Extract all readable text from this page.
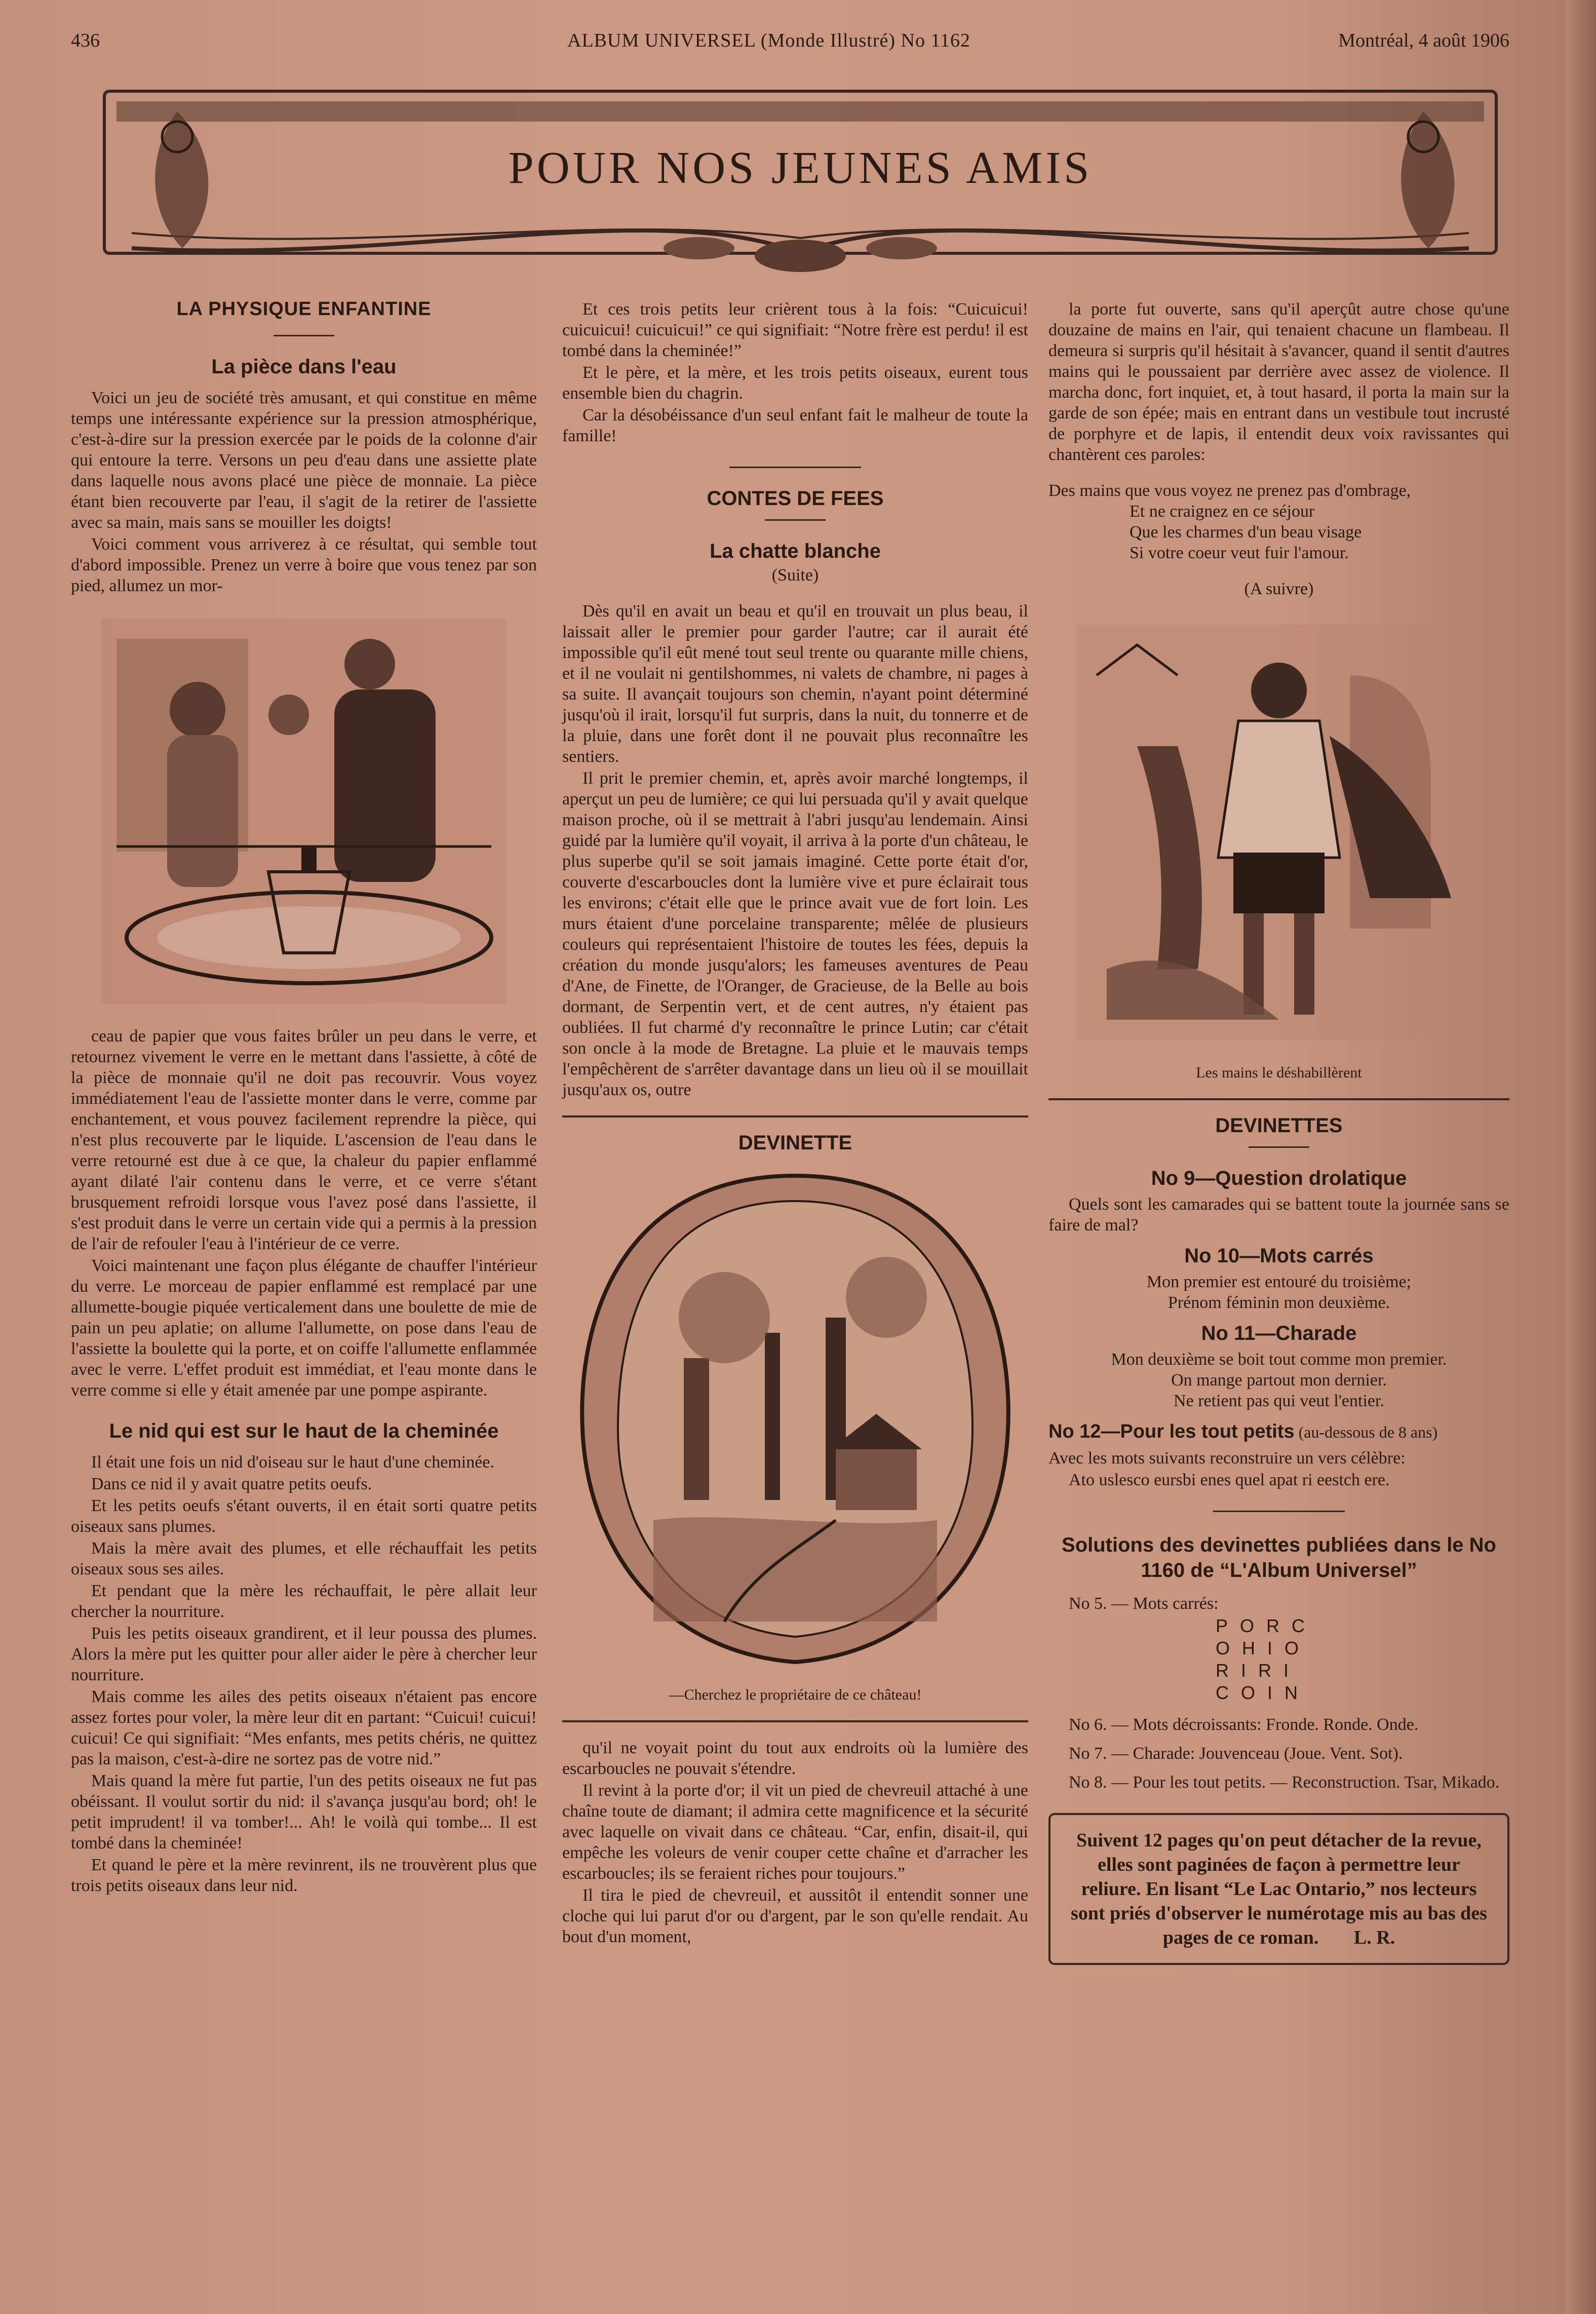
436	ALBUM UNIVERSEL (Monde Illustré) No 1162	Montréal, 4 août 1906
POUR NOS JEUNES AMIS
LA PHYSIQUE ENFANTINE
La pièce dans l'eau

Voici un jeu de société très amusant, et qui constitue en même temps une intéressante expérience sur la pression atmosphérique, c'est-à-dire sur la pression exercée par le poids de la colonne d'air qui entoure la terre. Versons un peu d'eau dans une assiette plate dans laquelle nous avons placé une pièce de monnaie. La pièce étant bien recouverte par l'eau, il s'agit de la retirer de l'assiette avec sa main, mais sans se mouiller les doigts!

Voici comment vous arriverez à ce résultat, qui semble tout d'abord impossible. Prenez un verre à boire que vous tenez par son pied, allumez un mor-

ceau de papier que vous faites brûler un peu dans le verre, et retournez vivement le verre en le mettant dans l'assiette, à côté de la pièce de monnaie qu'il ne doit pas recouvrir. Vous voyez immédiatement l'eau de l'assiette monter dans le verre, comme par enchantement, et vous pouvez facilement reprendre la pièce, qui n'est plus recouverte par le liquide. L'ascension de l'eau dans le verre retourné est due à ce que, la chaleur du papier enflammé ayant dilaté l'air contenu dans le verre, et ce verre s'étant brusquement refroidi lorsque vous l'avez posé dans l'assiette, il s'est produit dans le verre un certain vide qui a permis à la pression de l'air de refouler l'eau à l'intérieur de ce verre.

Voici maintenant une façon plus élégante de chauffer l'intérieur du verre. Le morceau de papier enflammé est remplacé par une allumette-bougie piquée verticalement dans une boulette de mie de pain un peu aplatie; on allume l'allumette, on pose dans l'eau de l'assiette la boulette qui la porte, et on coiffe l'allumette enflammée avec le verre. L'effet produit est immédiat, et l'eau monte dans le verre comme si elle y était amenée par une pompe aspirante.

Le nid qui est sur le haut de la cheminée

Il était une fois un nid d'oiseau sur le haut d'une cheminée.

Dans ce nid il y avait quatre petits oeufs.

Et les petits oeufs s'étant ouverts, il en était sorti quatre petits oiseaux sans plumes.

Mais la mère avait des plumes, et elle réchauffait les petits oiseaux sous ses ailes.

Et pendant que la mère les réchauffait, le père allait leur chercher la nourriture.

Puis les petits oiseaux grandirent, et il leur poussa des plumes. Alors la mère put les quitter pour aller aider le père à chercher leur nourriture.

Mais comme les ailes des petits oiseaux n'étaient pas encore assez fortes pour voler, la mère leur dit en partant: “Cuicui! cuicui! cuicui! Ce qui signifiait: “Mes enfants, mes petits chéris, ne quittez pas la maison, c'est-à-dire ne sortez pas de votre nid.”

Mais quand la mère fut partie, l'un des petits oiseaux ne fut pas obéissant. Il voulut sortir du nid: il s'avança jusqu'au bord; oh! le petit imprudent! il va tomber!... Ah! le voilà qui tombe... Il est tombé dans la cheminée!

Et quand le père et la mère revinrent, ils ne trouvèrent plus que trois petits oiseaux dans leur nid.

Et ces trois petits leur crièrent tous à la fois: “Cuicuicui! cuicuicui! cuicuicui!” ce qui signifiait: “Notre frère est perdu! il est tombé dans la cheminée!”

Et le père, et la mère, et les trois petits oiseaux, eurent tous ensemble bien du chagrin.

Car la désobéissance d'un seul enfant fait le malheur de toute la famille!

CONTES DE FEES
La chatte blanche
(Suite)

Dès qu'il en avait un beau et qu'il en trouvait un plus beau, il laissait aller le premier pour garder l'autre; car il aurait été impossible qu'il eût mené tout seul trente ou quarante mille chiens, et il ne voulait ni gentilshommes, ni valets de chambre, ni pages à sa suite. Il avançait toujours son chemin, n'ayant point déterminé jusqu'où il irait, lorsqu'il fut surpris, dans la nuit, du tonnerre et de la pluie, dans une forêt dont il ne pouvait plus reconnaître les sentiers.

Il prit le premier chemin, et, après avoir marché longtemps, il aperçut un peu de lumière; ce qui lui persuada qu'il y avait quelque maison proche, où il se mettrait à l'abri jusqu'au lendemain. Ainsi guidé par la lumière qu'il voyait, il arriva à la porte d'un château, le plus superbe qu'il se soit jamais imaginé. Cette porte était d'or, couverte d'escarboucles dont la lumière vive et pure éclairait tous les environs; c'était elle que le prince avait vue de fort loin. Les murs étaient d'une porcelaine transparente; mêlée de plusieurs couleurs qui représentaient l'histoire de toutes les fées, depuis la création du monde jusqu'alors; les fameuses aventures de Peau d'Ane, de Finette, de l'Oranger, de Gracieuse, de la Belle au bois dormant, de Serpentin vert, et de cent autres, n'y étaient pas oubliées. Il fut charmé d'y reconnaître le prince Lutin; car c'était son oncle à la mode de Bretagne. La pluie et le mauvais temps l'empêchèrent de s'arrêter davantage dans un lieu où il se mouillait jusqu'aux os, outre

DEVINETTE
—Cherchez le propriétaire de ce château!

qu'il ne voyait point du tout aux endroits où la lumière des escarboucles ne pouvait s'étendre.

Il revint à la porte d'or; il vit un pied de chevreuil attaché à une chaîne toute de diamant; il admira cette magnificence et la sécurité avec laquelle on vivait dans ce château. “Car, enfin, disait-il, qui empêche les voleurs de venir couper cette chaîne et d'arracher les escarboucles; ils se feraient riches pour toujours.”

Il tira le pied de chevreuil, et aussitôt il entendit sonner une cloche qui lui parut d'or ou d'argent, par le son qu'elle rendait. Au bout d'un moment,

la porte fut ouverte, sans qu'il aperçût autre chose qu'une douzaine de mains en l'air, qui tenaient chacune un flambeau. Il demeura si surpris qu'il hésitait à s'avancer, quand il sentit d'autres mains qui le poussaient par derrière avec assez de violence. Il marcha donc, fort inquiet, et, à tout hasard, il porta la main sur la garde de son épée; mais en entrant dans un vestibule tout incrusté de porphyre et de lapis, il entendit deux voix ravissantes qui chantèrent ces paroles:

Des mains que vous voyez ne prenez pas d'ombrage,
Et ne craignez en ce séjour
Que les charmes d'un beau visage
Si votre coeur veut fuir l'amour.
(A suivre)
Les mains le déshabillèrent
DEVINETTES
No 9—Question drolatique

Quels sont les camarades qui se battent toute la journée sans se faire de mal?

No 10—Mots carrés
Mon premier est entouré du troisième;
Prénom féminin mon deuxième.
No 11—Charade
Mon deuxième se boit tout comme mon premier.
On mange partout mon dernier.
Ne retient pas qui veut l'entier.
No 12—Pour les tout petits (au-dessous de 8 ans)

Avec les mots suivants reconstruire un vers célèbre:

Ato uslesco eursbi enes quel apat ri eestch ere.

Solutions des devinettes publiées dans le No 1160 de “L'Album Universel”

No 5. — Mots carrés:

PORC
OHIO
RIRI
COIN

No 6. — Mots décroissants: Fronde. Ronde. Onde.

No 7. — Charade: Jouvenceau (Joue. Vent. Sot).

No 8. — Pour les tout petits. — Reconstruction. Tsar, Mikado.

Suivent 12 pages qu'on peut détacher de la revue, elles sont paginées de façon à permettre leur reliure. En lisant “Le Lac Ontario,” nos lecteurs sont priés d'observer le numérotage mis au bas des pages de ce roman. L. R.
